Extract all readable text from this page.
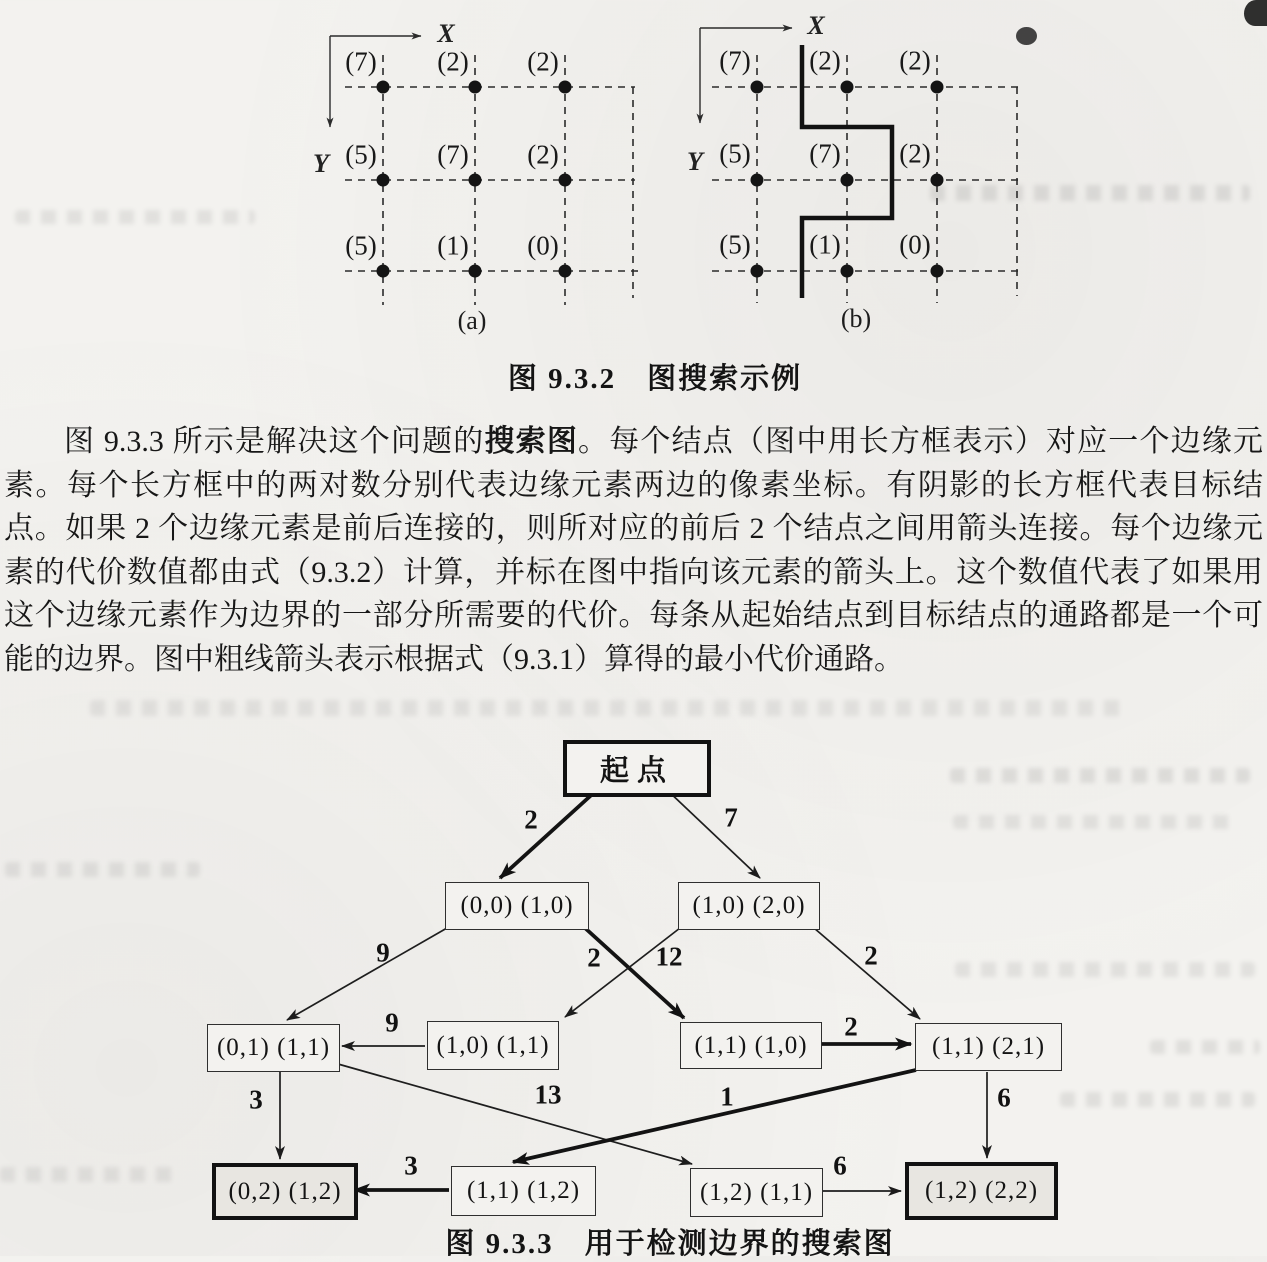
X
Y
(7) (2) (2)
(5) (7) (2)
(5) (1) (0)
(a)
X
Y
(7) (2) (2)
(5) (7) (2)
(5) (1) (0)
(b)
图 9.3.2　图搜索示例

图 9.3.3 所示是解决这个问题的搜索图。每个结点（图中用长方框表示）对应一个边缘元素。每个长方框中的两对数分别代表边缘元素两边的像素坐标。有阴影的长方框代表目标结点。如果 2 个边缘元素是前后连接的，则所对应的前后 2 个结点之间用箭头连接。每个边缘元素的代价数值都由式（9.3.2）计算，并标在图中指向该元素的箭头上。这个数值代表了如果用这个边缘元素作为边界的一部分所需要的代价。每条从起始结点到目标结点的通路都是一个可能的边界。图中粗线箭头表示根据式（9.3.1）算得的最小代价通路。

起点
(0,0) (1,0)	(1,0) (2,0)
(0,1) (1,1)	(1,0) (1,1)	(1,1) (1,0)	(1,1) (2,1)
(0,2) (1,2)	(1,1) (1,2)	(1,2) (1,1)	(1,2) (2,2)
2	7
9	2 12	2
9	2
3	13	1	6
3	6
图 9.3.3　用于检测边界的搜索图
